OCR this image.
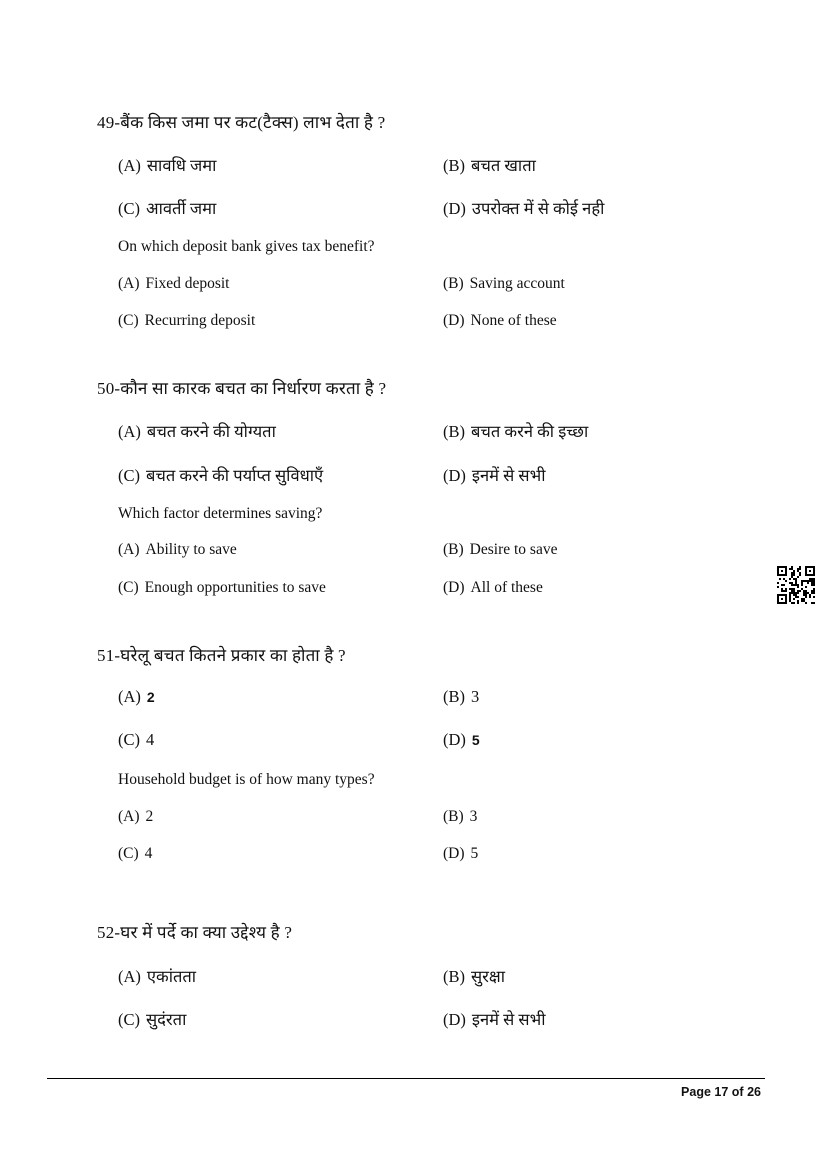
49-बैंक किस जमा पर कट(टैक्स) लाभ देता है ?
(A) सावधि जमा	(B) बचत खाता
(C) आवर्ती जमा	(D) उपरोक्त में से कोई नही
On which deposit bank gives tax benefit?
(A) Fixed deposit	(B) Saving account
(C) Recurring deposit	(D) None of these
50-कौन सा कारक बचत का निर्धारण करता है ?
(A) बचत करने की योग्यता	(B) बचत करने की इच्छा
(C) बचत करने की पर्याप्त सुविधाएँ	(D) इनमें से सभी
Which factor determines saving?
(A) Ability to save	(B) Desire to save
(C) Enough opportunities to save	(D) All of these
51-घरेलू बचत कितने प्रकार का होता है ?
(A) 2	(B) 3
(C) 4	(D) 5
Household budget is of how many types?
(A) 2	(B) 3
(C) 4	(D) 5
52-घर में पर्दे का क्या उद्देश्य है ?
(A) एकांतता	(B) सुरक्षा
(C) सुदंरता	(D) इनमें से सभी
Page 17 of 26
